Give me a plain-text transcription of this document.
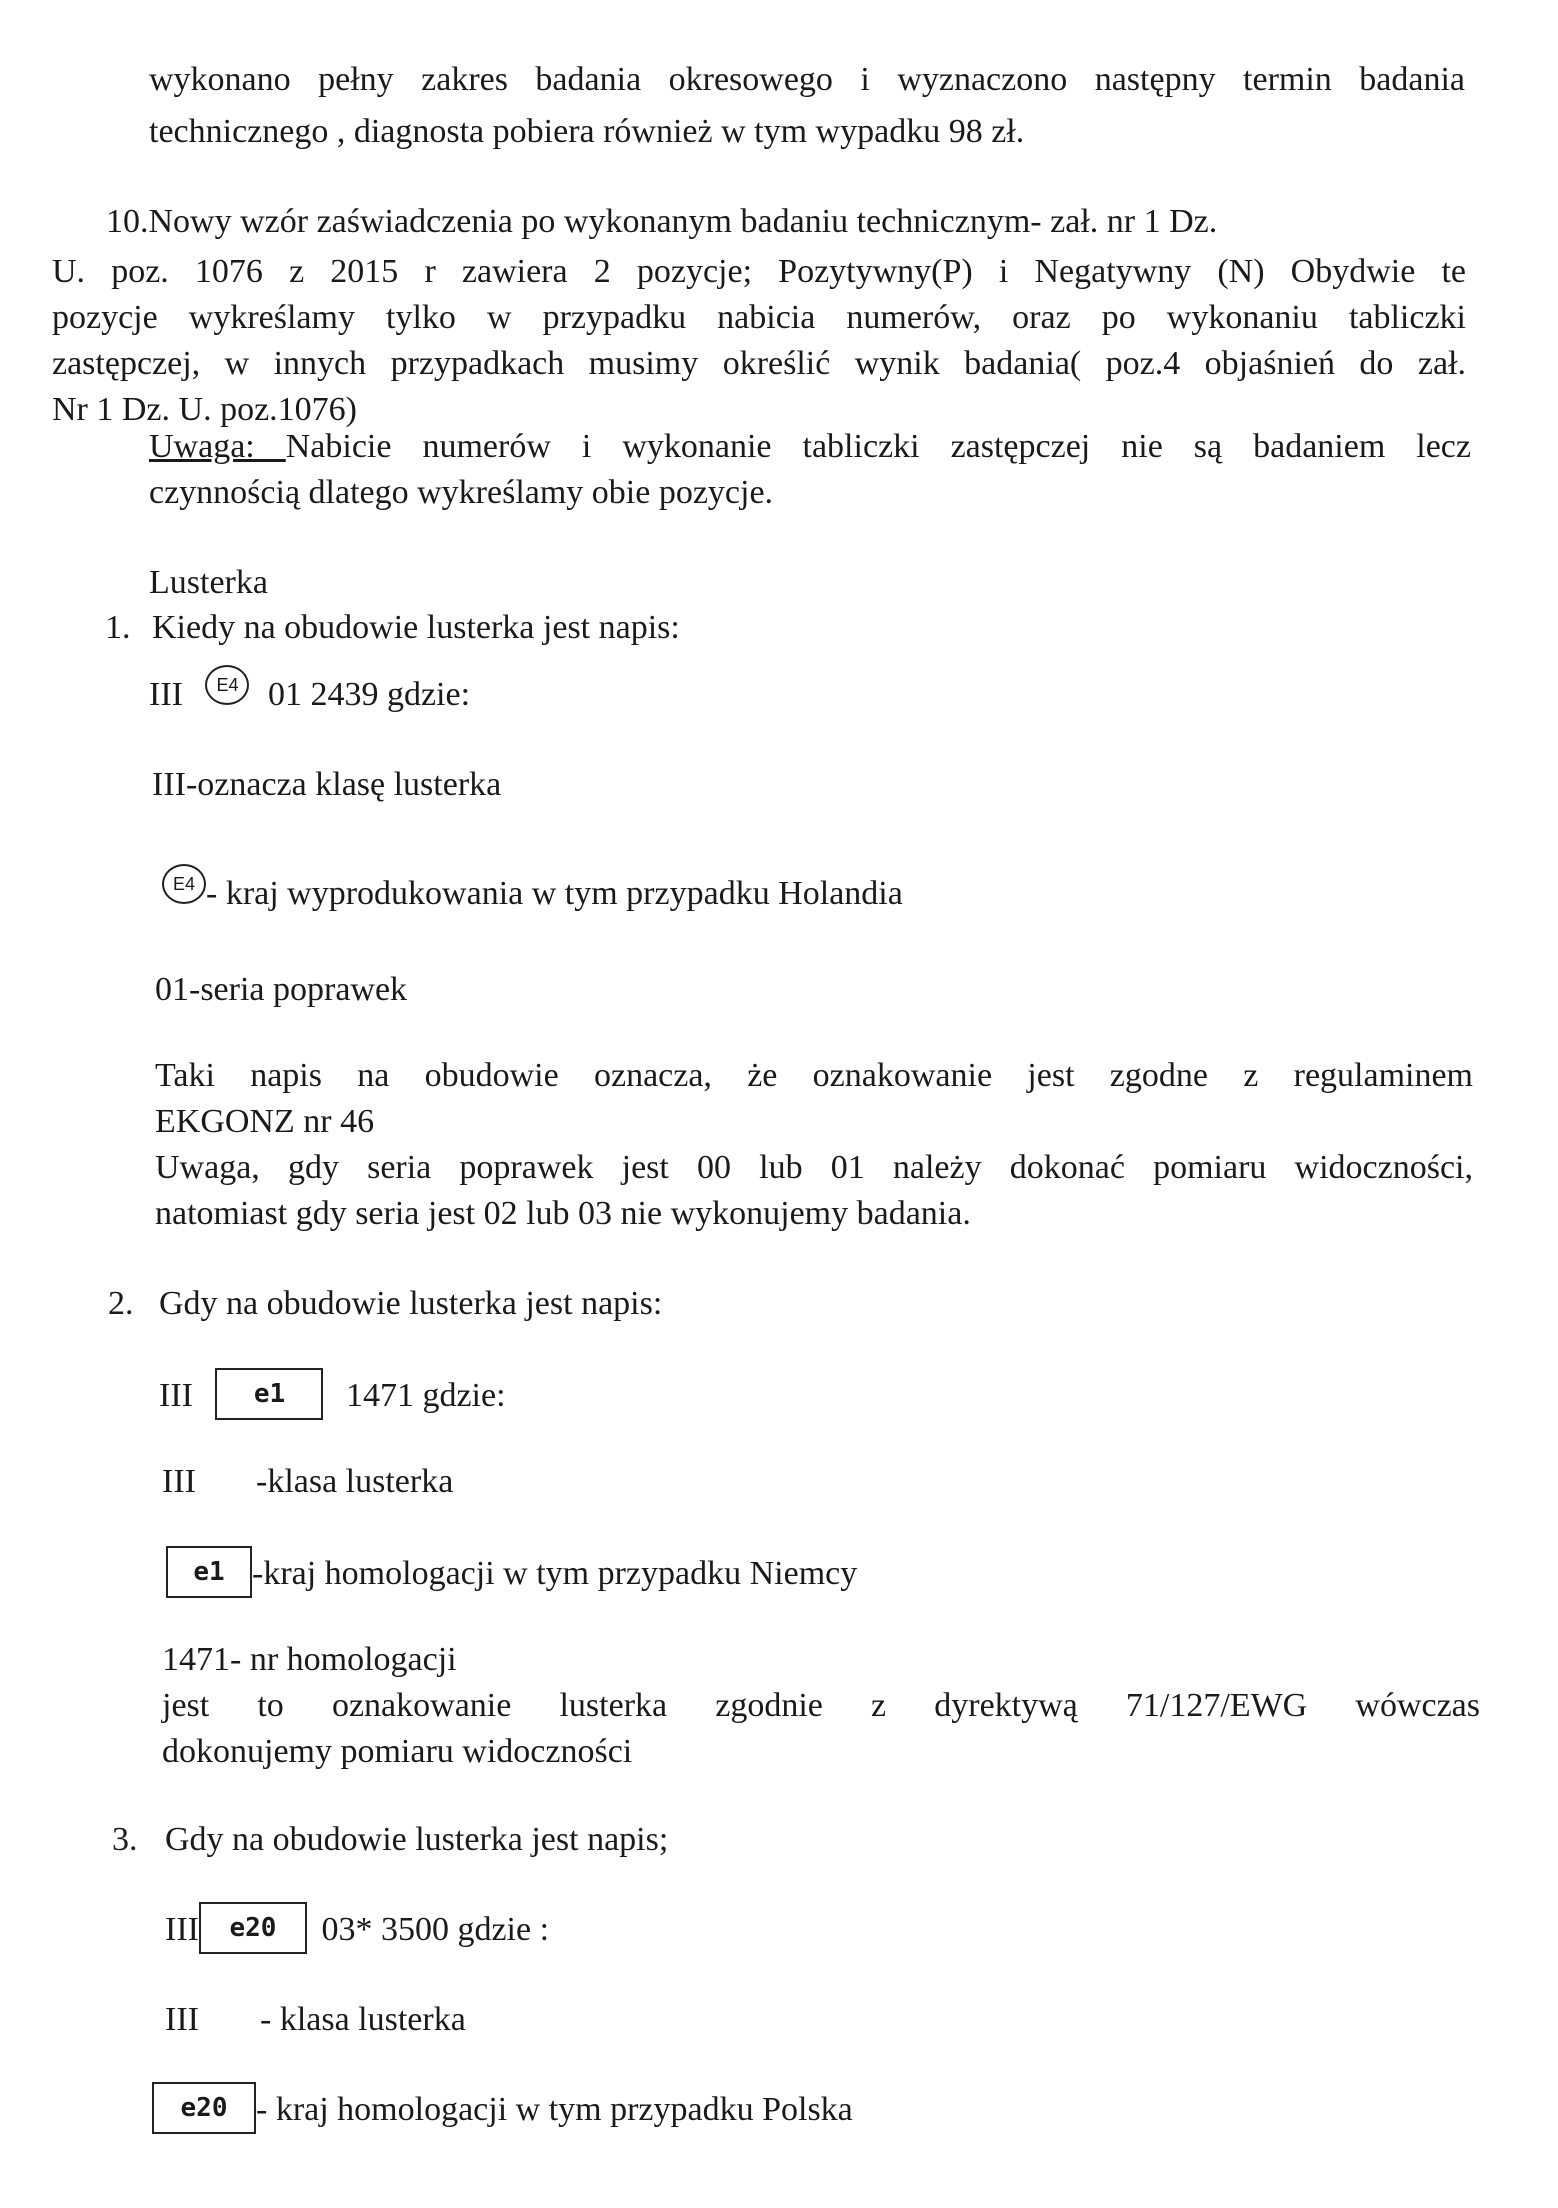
wykonano pełny zakres badania okresowego i wyznaczono następny termin badania
technicznego , diagnosta pobiera również w tym wypadku 98 zł.
10.Nowy wzór zaświadczenia po wykonanym badaniu technicznym- zał. nr 1 Dz.
U. poz. 1076 z 2015 r zawiera 2 pozycje; Pozytywny(P) i Negatywny (N) Obydwie te
pozycje wykreślamy tylko w przypadku nabicia numerów, oraz po wykonaniu tabliczki
zastępczej, w innych przypadkach musimy określić wynik badania( poz.4 objaśnień do zał.
Nr 1 Dz. U. poz.1076)
Uwaga: Nabicie numerów i wykonanie tabliczki zastępczej nie są badaniem lecz
czynnością dlatego wykreślamy obie pozycje.
Lusterka
1. Kiedy na obudowie lusterka jest napis:
III E4 01 2439 gdzie:
III-oznacza klasę lusterka
E4 - kraj wyprodukowania w tym przypadku Holandia
01-seria poprawek
Taki napis na obudowie oznacza, że oznakowanie jest zgodne z regulaminem
EKGONZ nr 46
Uwaga, gdy seria poprawek jest 00 lub 01 należy dokonać pomiaru widoczności,
natomiast gdy seria jest 02 lub 03 nie wykonujemy badania.
2. Gdy na obudowie lusterka jest napis:
III e1 1471 gdzie:
III -klasa lusterka
e1 -kraj homologacji w tym przypadku Niemcy
1471- nr homologacji
jest to oznakowanie lusterka zgodnie z dyrektywą 71/127/EWG wówczas
dokonujemy pomiaru widoczności
3. Gdy na obudowie lusterka jest napis;
III e20 03* 3500 gdzie :
III - klasa lusterka
e20 - kraj homologacji w tym przypadku Polska
